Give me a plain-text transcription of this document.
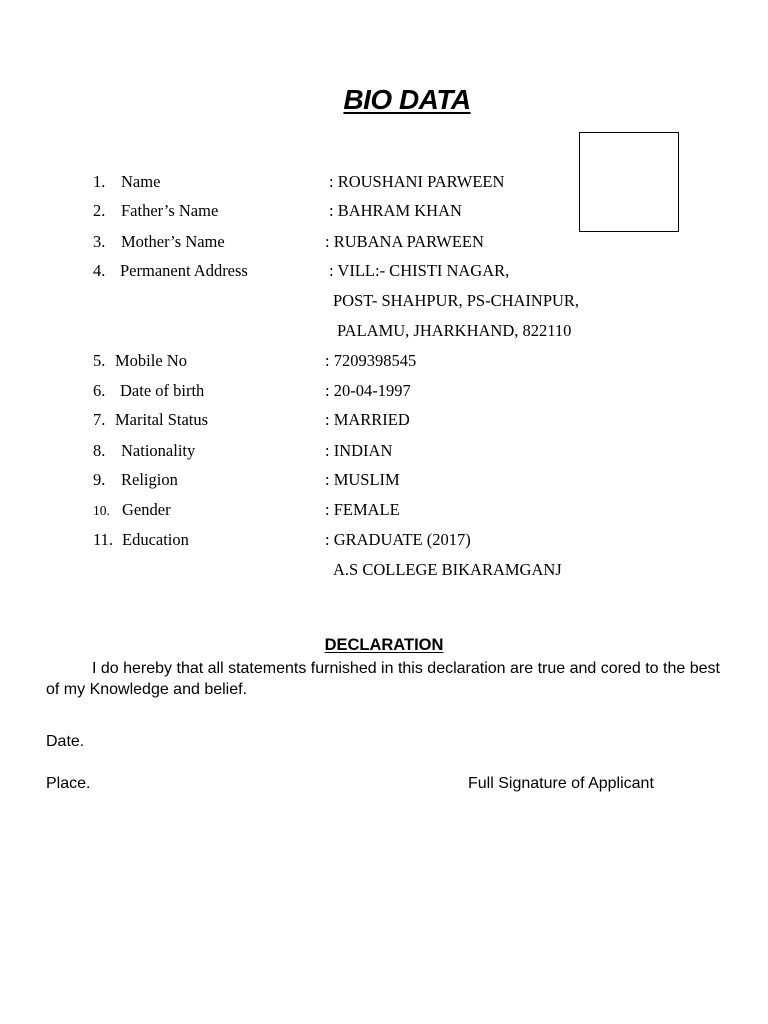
BIO DATA
1. Name	: ROUSHANI PARWEEN
2. Father’s Name	: BAHRAM KHAN
3. Mother’s Name	: RUBANA PARWEEN
4. Permanent Address	: VILL:- CHISTI NAGAR,
POST- SHAHPUR, PS-CHAINPUR,
PALAMU, JHARKHAND, 822110
5. Mobile No	: 7209398545
6. Date of birth	: 20-04-1997
7. Marital Status	: MARRIED
8. Nationality	: INDIAN
9. Religion	: MUSLIM
10. Gender	: FEMALE
11. Education	: GRADUATE (2017)
A.S COLLEGE BIKARAMGANJ
DECLARATION
I do hereby that all statements furnished in this declaration are true and cored to the best of my Knowledge and belief.
Date.
Place.	Full Signature of Applicant
